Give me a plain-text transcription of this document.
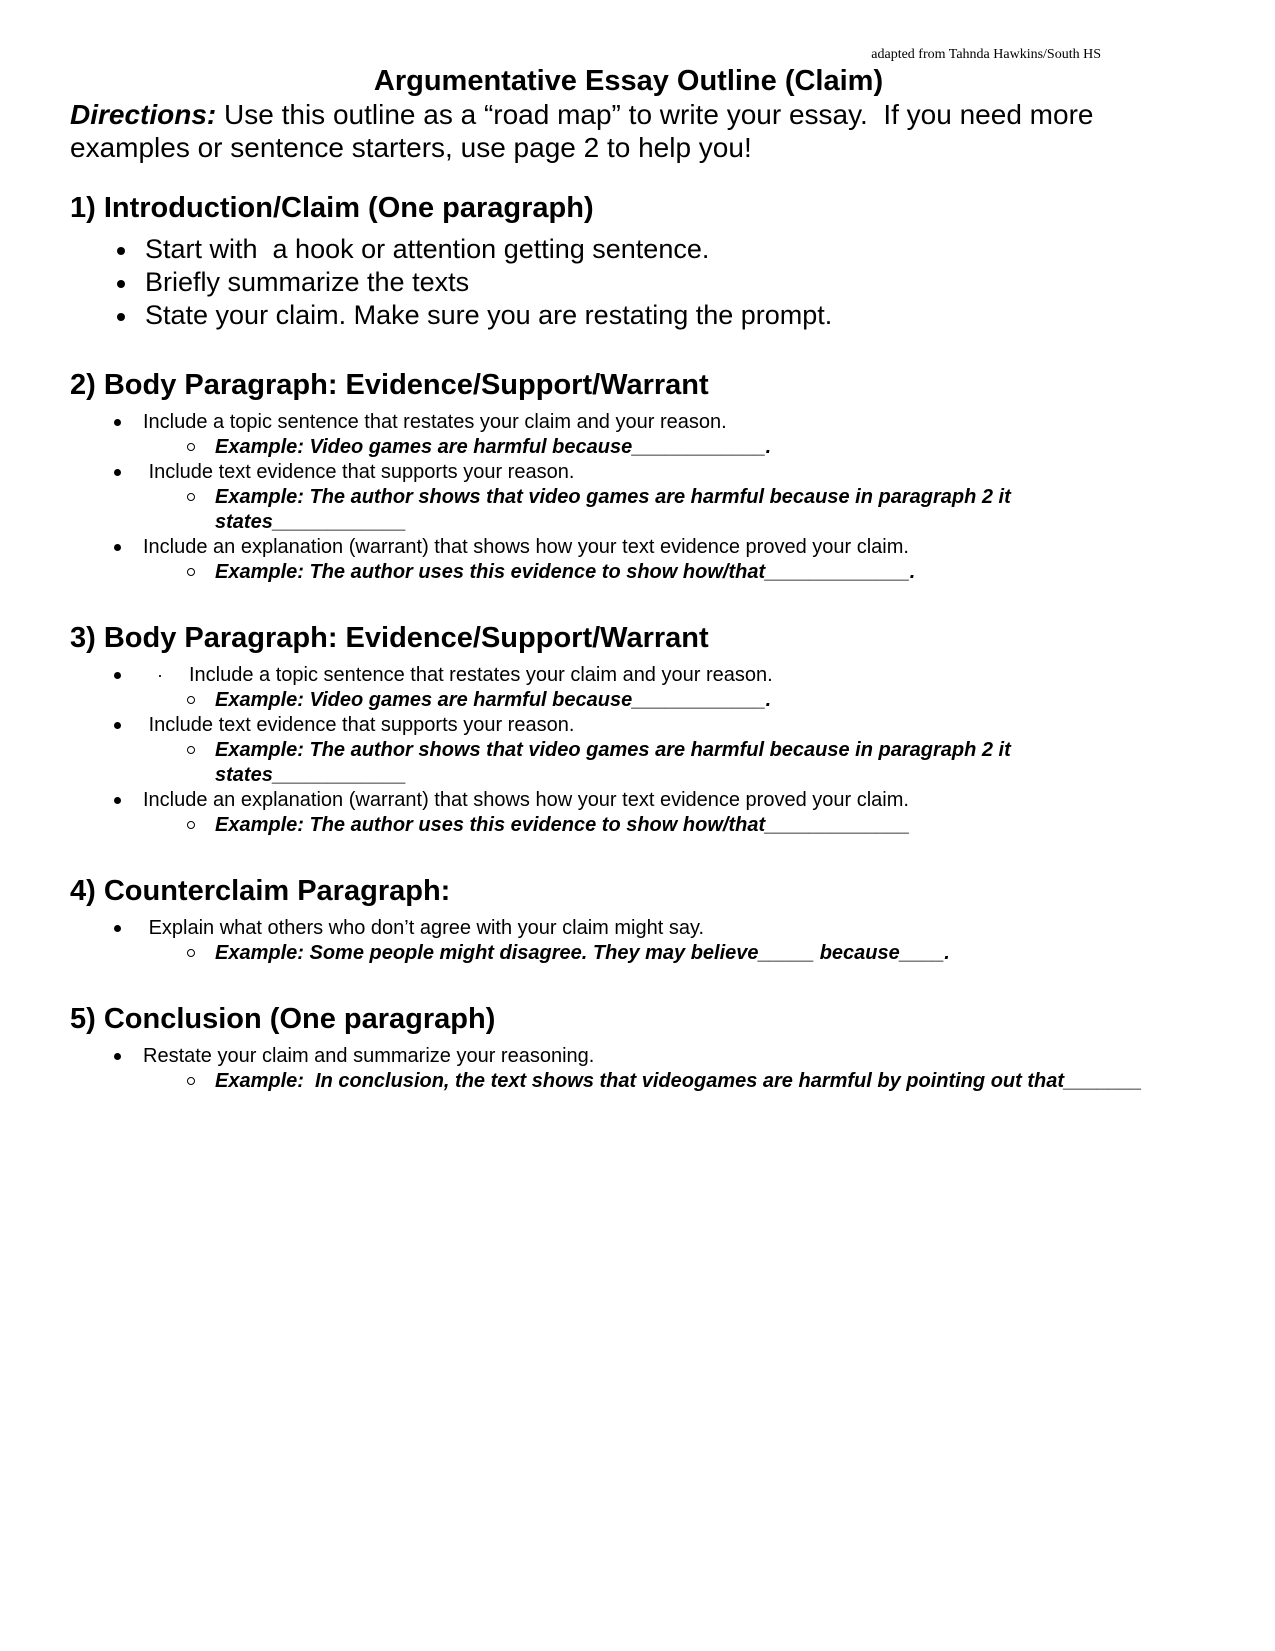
adapted from Tahnda Hawkins/South HS
Argumentative Essay Outline (Claim)

Directions: Use this outline as a “road map” to write your essay.  If you need more examples or sentence starters, use page 2 to help you!

1) Introduction/Claim (One paragraph)
Start with  a hook or attention getting sentence.
Briefly summarize the texts
State your claim. Make sure you are restating the prompt.
2) Body Paragraph: Evidence/Support/Warrant
Include a topic sentence that restates your claim and your reason.
Example: Video games are harmful because____________.
Include text evidence that supports your reason.
Example: The author shows that video games are harmful because in paragraph 2 it states____________
Include an explanation (warrant) that shows how your text evidence proved your claim.
Example: The author uses this evidence to show how/that_____________.
3) Body Paragraph: Evidence/Support/Warrant
· Include a topic sentence that restates your claim and your reason.
Example: Video games are harmful because____________.
Include text evidence that supports your reason.
Example: The author shows that video games are harmful because in paragraph 2 it states____________
Include an explanation (warrant) that shows how your text evidence proved your claim.
Example: The author uses this evidence to show how/that_____________
4) Counterclaim Paragraph:
Explain what others who don’t agree with your claim might say.
Example: Some people might disagree. They may believe_____ because____.
5) Conclusion (One paragraph)
Restate your claim and summarize your reasoning.
Example:  In conclusion, the text shows that videogames are harmful by pointing out that_______
